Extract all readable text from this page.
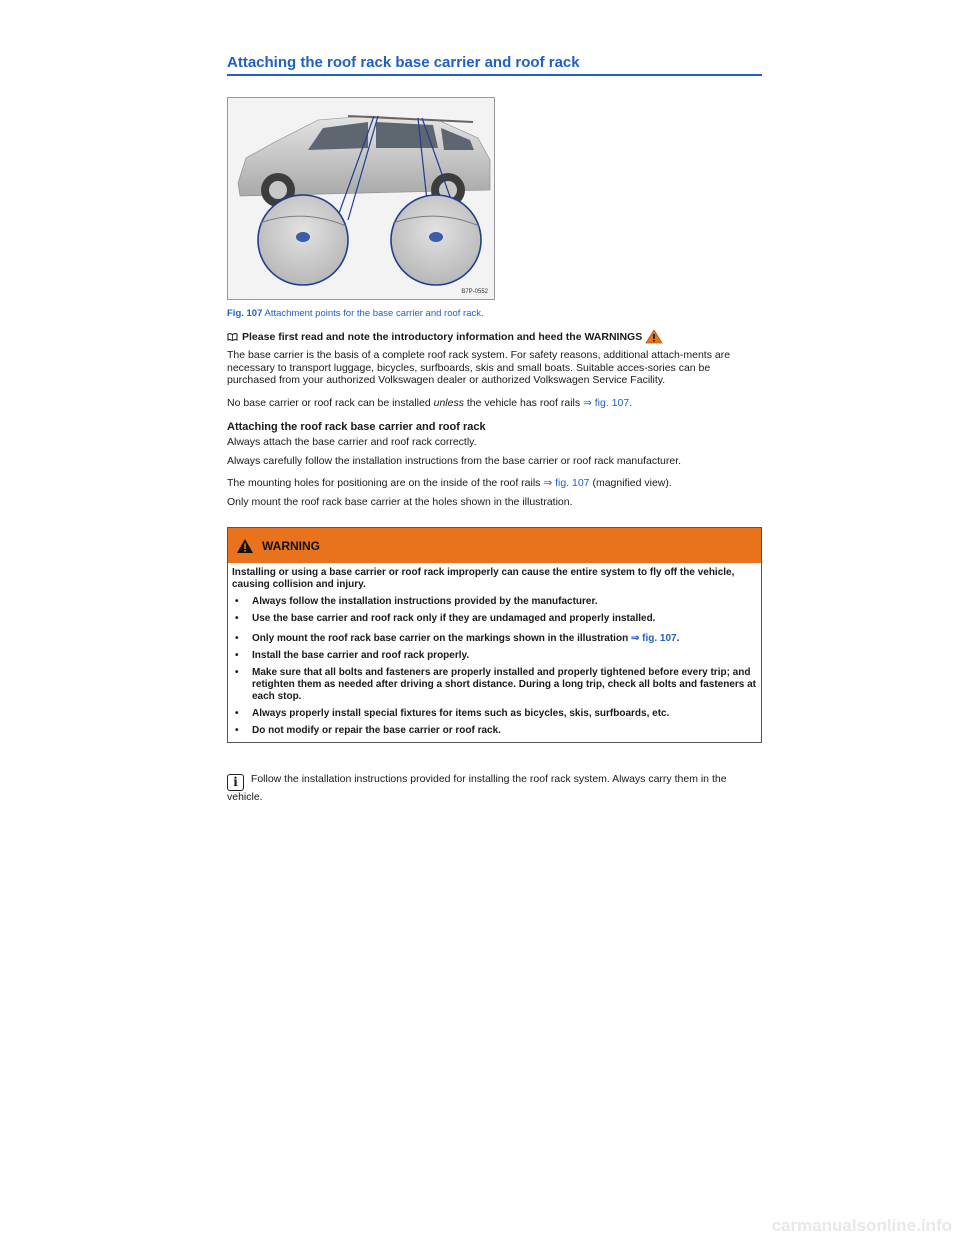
Attaching the roof rack base carrier and roof rack
B7P-0552
Fig. 107 Attachment points for the base carrier and roof rack.
Please first read and note the introductory information and heed the WARNINGS

The base carrier is the basis of a complete roof rack system. For safety reasons, additional attach-ments are necessary to transport luggage, bicycles, surfboards, skis and small boats. Suitable acces-sories can be purchased from your authorized Volkswagen dealer or authorized Volkswagen Service Facility.

No base carrier or roof rack can be installed unless the vehicle has roof rails ⇒ fig. 107.

Attaching the roof rack base carrier and roof rack

Always attach the base carrier and roof rack correctly.

Always carefully follow the installation instructions from the base carrier or roof rack manufacturer.

The mounting holes for positioning are on the inside of the roof rails ⇒ fig. 107 (magnified view).

Only mount the roof rack base carrier at the holes shown in the illustration.

WARNING

Installing or using a base carrier or roof rack improperly can cause the entire system to fly off the vehicle, causing collision and injury.

•	Always follow the installation instructions provided by the manufacturer.
•	Use the base carrier and roof rack only if they are undamaged and properly installed.
•	Only mount the roof rack base carrier on the markings shown in the illustration ⇒ fig. 107.
•	Install the base carrier and roof rack properly.
•	Make sure that all bolts and fasteners are properly installed and properly tightened before every trip; and retighten them as needed after driving a short distance. During a long trip, check all bolts and fasteners at each stop.
•	Always properly install special fixtures for items such as bicycles, skis, surfboards, etc.
•	Do not modify or repair the base carrier or roof rack.
i Follow the installation instructions provided for installing the roof rack system. Always carry them in the vehicle.
carmanualsonline.info
